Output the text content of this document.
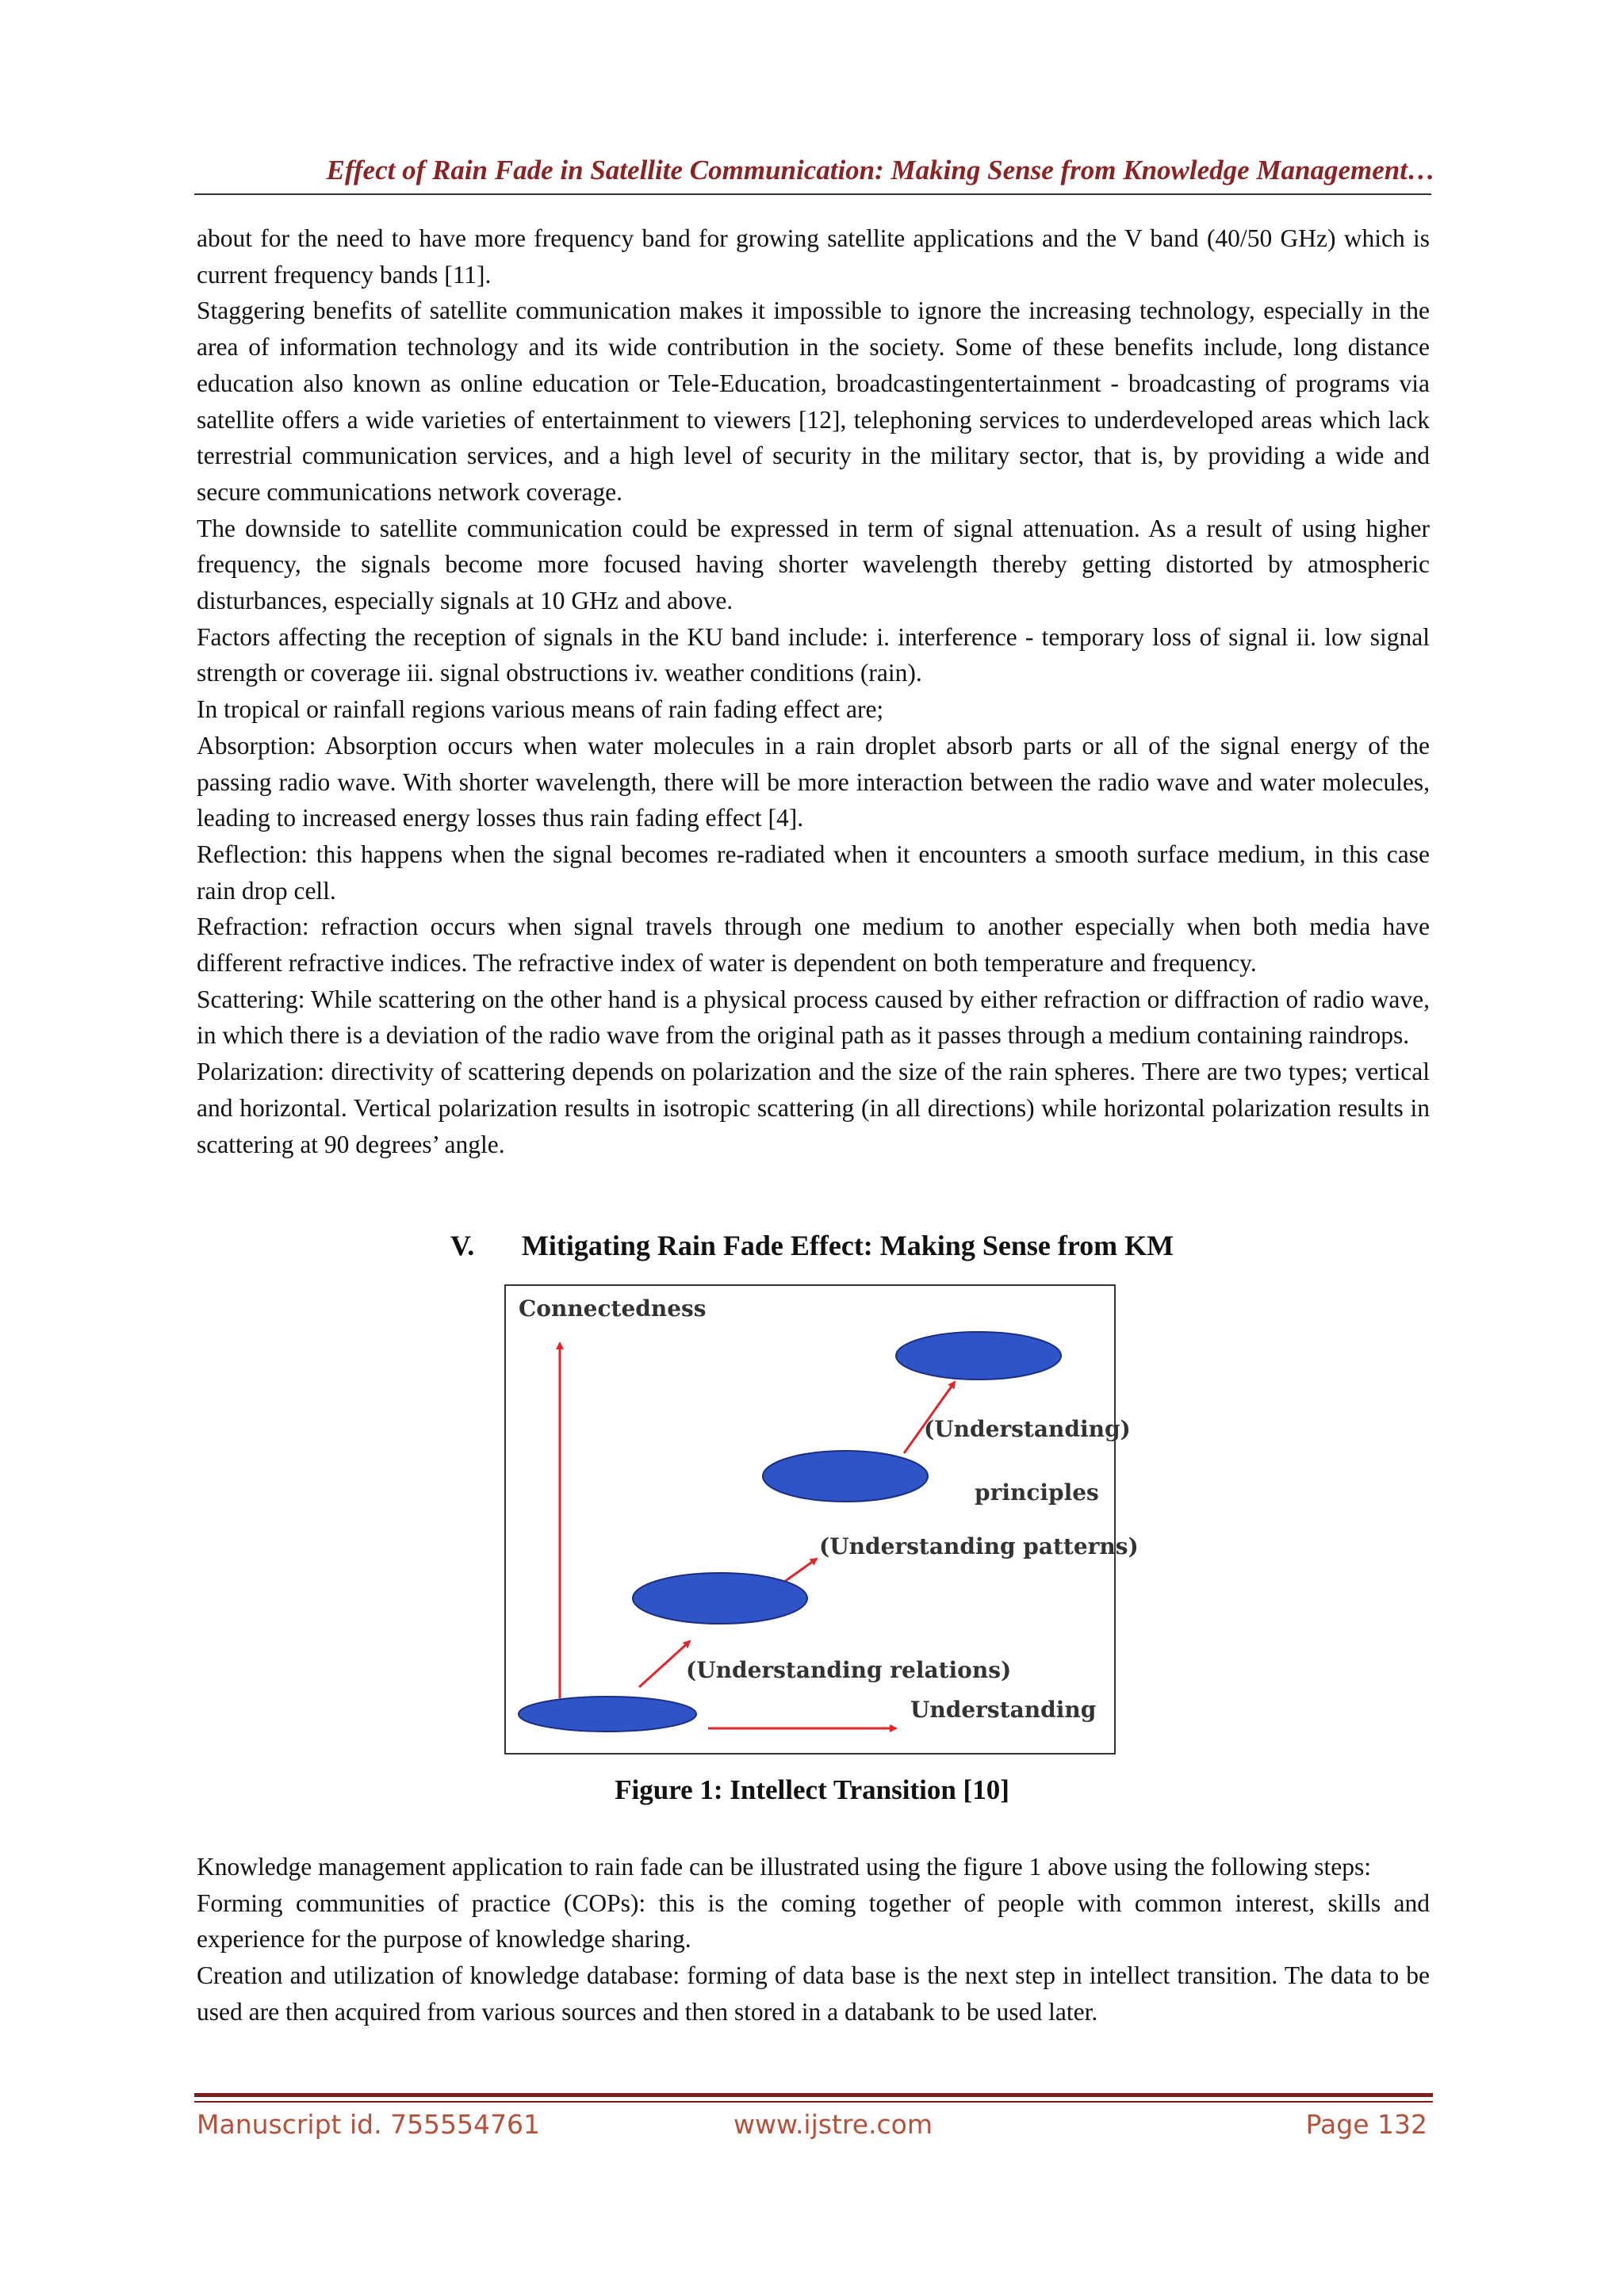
Effect of Rain Fade in Satellite Communication: Making Sense from Knowledge Management…

about for the need to have more frequency band for growing satellite applications and the V band (40/50 GHz) which is current frequency bands [11].

Staggering benefits of satellite communication makes it impossible to ignore the increasing technology, especially in the area of information technology and its wide contribution in the society. Some of these benefits include, long distance education also known as online education or Tele-Education, broadcastingentertainment - broadcasting of programs via satellite offers a wide varieties of entertainment to viewers [12], telephoning services to underdeveloped areas which lack terrestrial communication services, and a high level of security in the military sector, that is, by providing a wide and secure communications network coverage.

The downside to satellite communication could be expressed in term of signal attenuation. As a result of using higher frequency, the signals become more focused having shorter wavelength thereby getting distorted by atmospheric disturbances, especially signals at 10 GHz and above.

Factors affecting the reception of signals in the KU band include: i. interference - temporary loss of signal ii. low signal strength or coverage iii. signal obstructions iv. weather conditions (rain).

In tropical or rainfall regions various means of rain fading effect are;

Absorption: Absorption occurs when water molecules in a rain droplet absorb parts or all of the signal energy of the passing radio wave. With shorter wavelength, there will be more interaction between the radio wave and water molecules, leading to increased energy losses thus rain fading effect [4].

Reflection: this happens when the signal becomes re-radiated when it encounters a smooth surface medium, in this case rain drop cell.

Refraction: refraction occurs when signal travels through one medium to another especially when both media have different refractive indices. The refractive index of water is dependent on both temperature and frequency.

Scattering: While scattering on the other hand is a physical process caused by either refraction or diffraction of radio wave, in which there is a deviation of the radio wave from the original path as it passes through a medium containing raindrops.

Polarization: directivity of scattering depends on polarization and the size of the rain spheres. There are two types; vertical and horizontal. Vertical polarization results in isotropic scattering (in all directions) while horizontal polarization results in scattering at 90 degrees’ angle.

V. Mitigating Rain Fade Effect: Making Sense from KM
Connectedness
(Understanding)
principles
(Understanding patterns)
(Understanding relations)
Understanding
Figure 1: Intellect Transition [10]

Knowledge management application to rain fade can be illustrated using the figure 1 above using the following steps:

Forming communities of practice (COPs): this is the coming together of people with common interest, skills and experience for the purpose of knowledge sharing.

Creation and utilization of knowledge database: forming of data base is the next step in intellect transition. The data to be used are then acquired from various sources and then stored in a databank to be used later.

Manuscript id. 755554761	www.ijstre.com	Page 132
